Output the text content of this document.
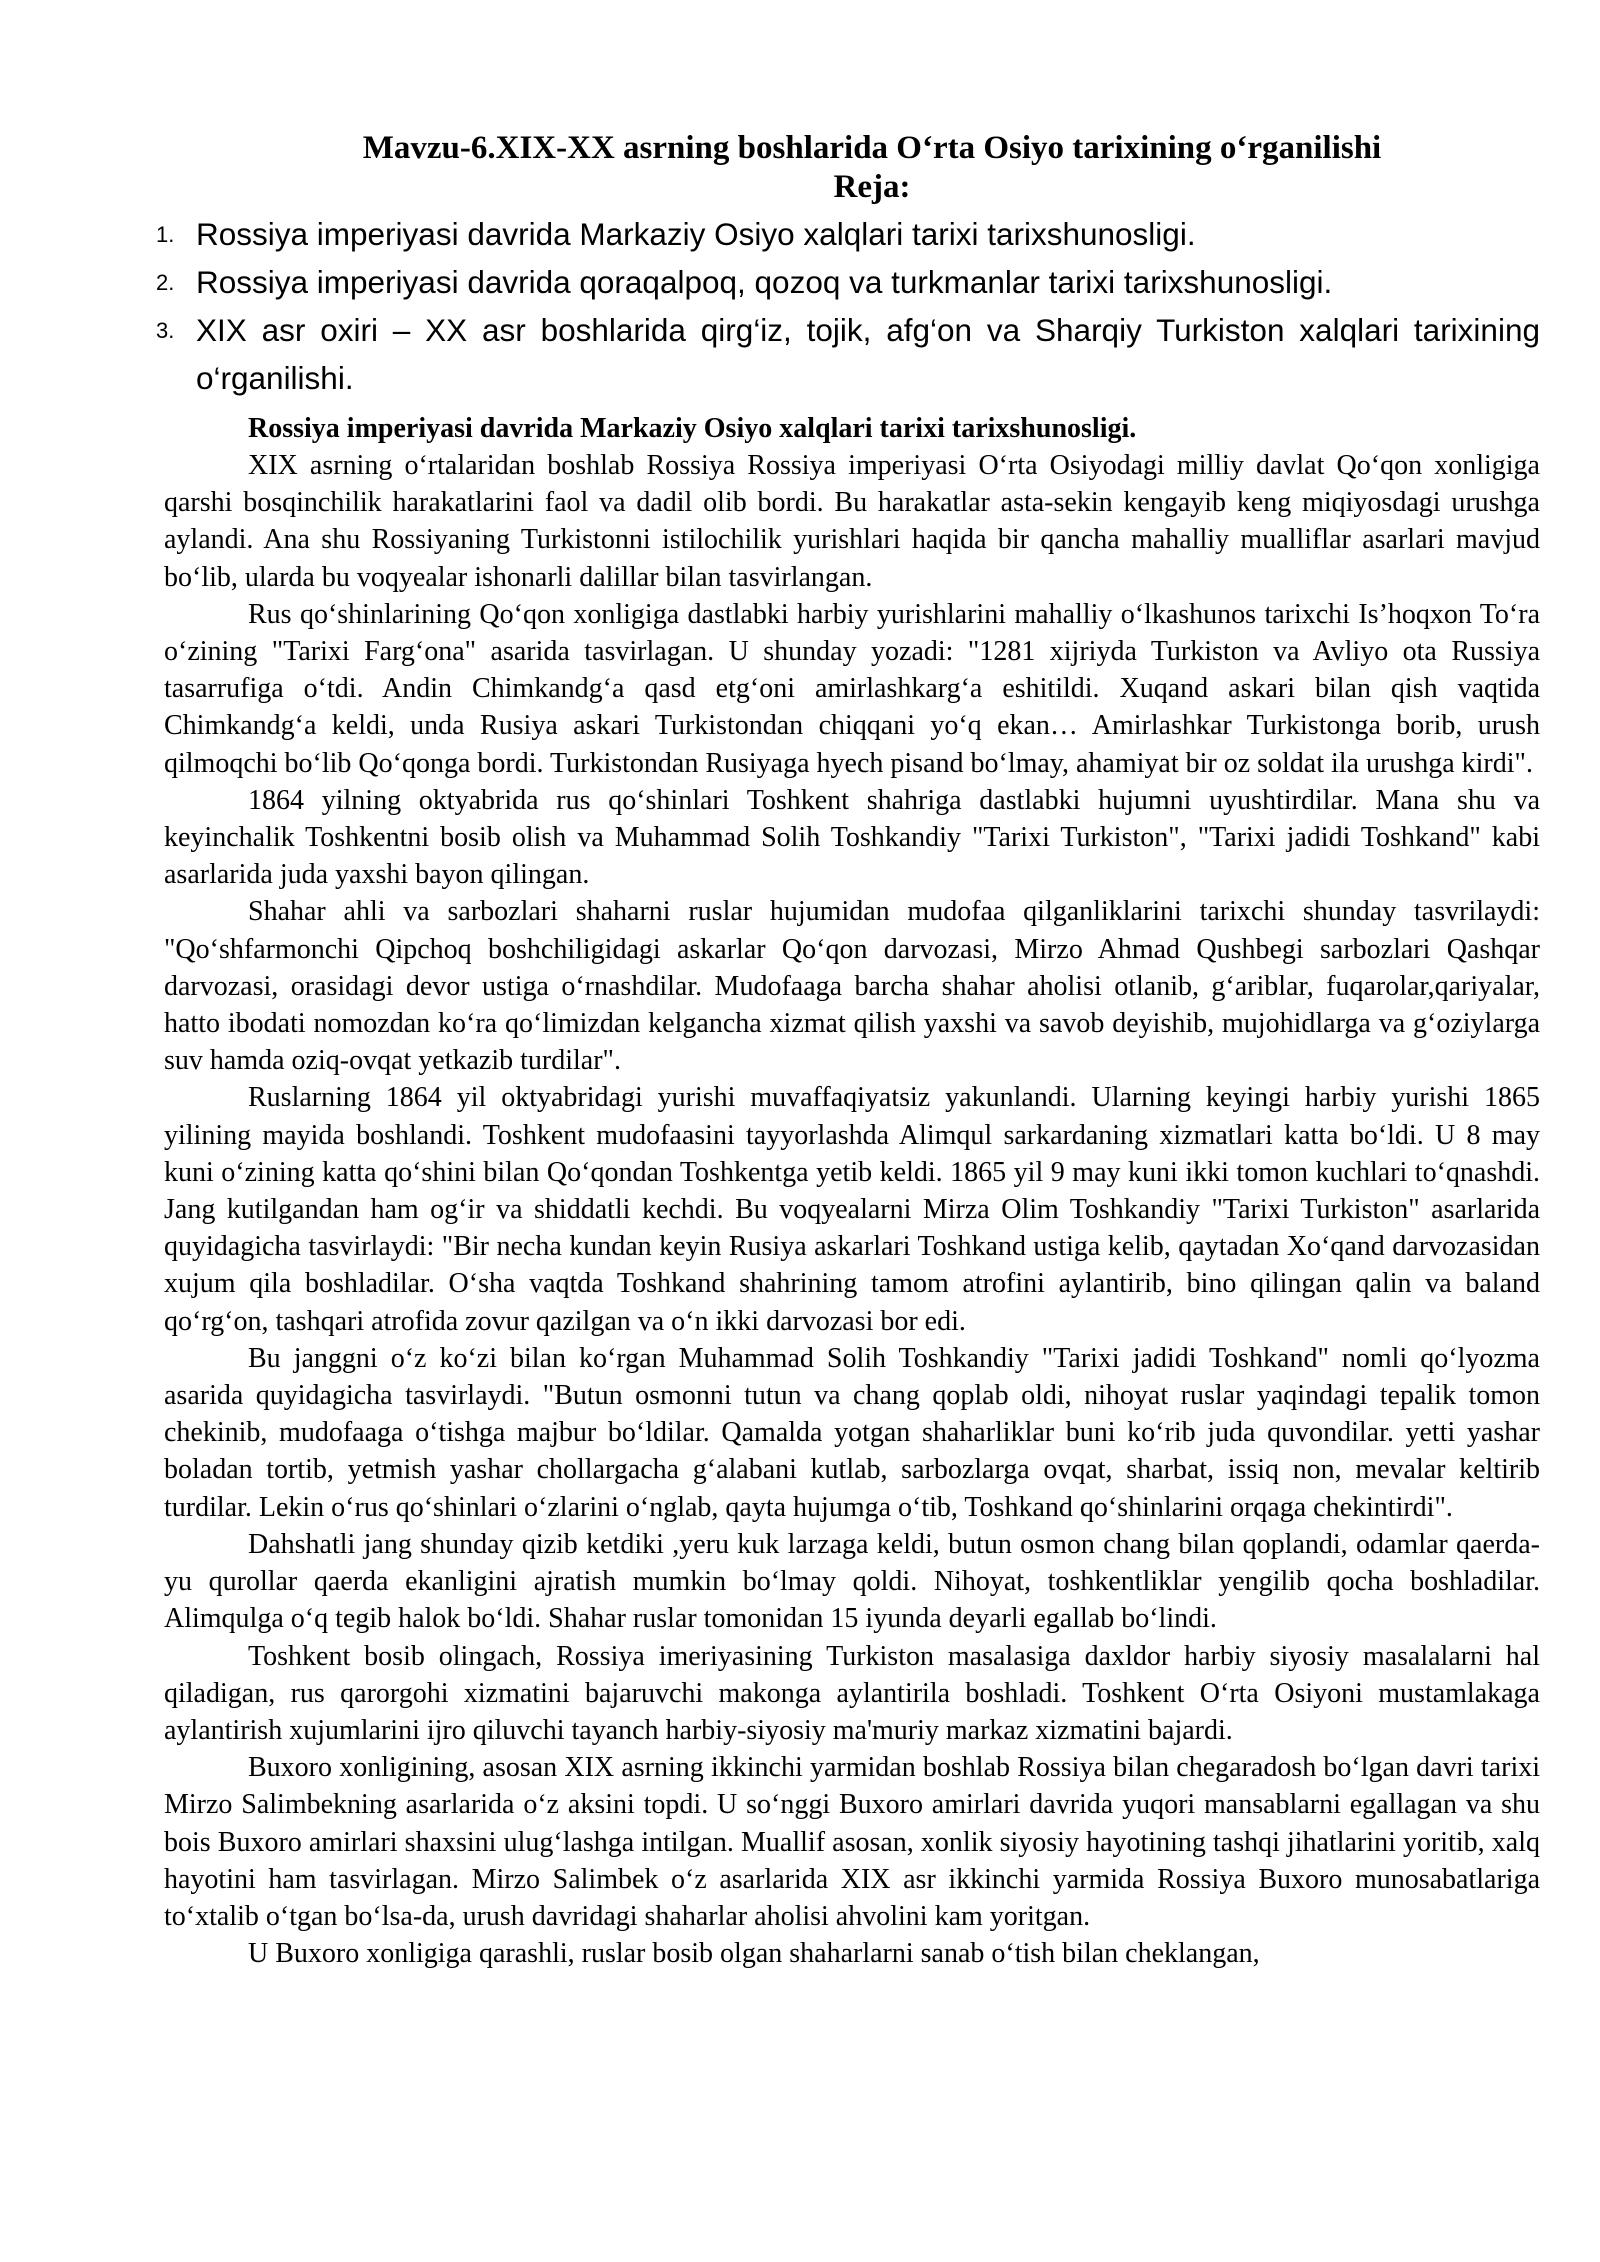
Mavzu-6.XIX-XX asrning boshlarida O‘rta Osiyo tarixining o‘rganilishi
Reja:
1. Rossiya imperiyasi davrida Markaziy Osiyo xalqlari tarixi tarixshunosligi.
2. Rossiya imperiyasi davrida qoraqalpoq, qozoq va turkmanlar tarixi tarixshunosligi.
3. XIX asr oxiri – XX asr boshlarida qirg‘iz, tojik, afg‘on va Sharqiy Turkiston xalqlari tarixining o‘rganilishi.
Rossiya imperiyasi davrida Markaziy Osiyo xalqlari tarixi tarixshunosligi.

XIX asrning o‘rtalaridan boshlab Rossiya Rossiya imperiyasi O‘rta Osiyodagi milliy davlat Qo‘qon xonligiga qarshi bosqinchilik harakatlarini faol va dadil olib bordi. Bu harakatlar asta-sekin kengayib keng miqiyosdagi urushga aylandi. Ana shu Rossiyaning Turkistonni istilochilik yurishlari haqida bir qancha mahalliy mualliflar asarlari mavjud bo‘lib, ularda bu voqyealar ishonarli dalillar bilan tasvirlangan.

Rus qo‘shinlarining Qo‘qon xonligiga dastlabki harbiy yurishlarini mahalliy o‘lkashunos tarixchi Is’hoqxon To‘ra o‘zining "Tarixi Farg‘ona" asarida tasvirlagan. U shunday yozadi: "1281 xijriyda Turkiston va Avliyo ota Russiya tasarrufiga o‘tdi. Andin Chimkandg‘a qasd etg‘oni amirlashkarg‘a eshitildi. Xuqand askari bilan qish vaqtida Chimkandg‘a keldi, unda Rusiya askari Turkistondan chiqqani yo‘q ekan… Amirlashkar Turkistonga borib, urush qilmoqchi bo‘lib Qo‘qonga bordi. Turkistondan Rusiyaga hyech pisand bo‘lmay, ahamiyat bir oz soldat ila urushga kirdi".

1864 yilning oktyabrida rus qo‘shinlari Toshkent shahriga dastlabki hujumni uyushtirdilar. Mana shu va keyinchalik Toshkentni bosib olish va Muhammad Solih Toshkandiy "Tarixi Turkiston", "Tarixi jadidi Toshkand" kabi asarlarida juda yaxshi bayon qilingan.

Shahar ahli va sarbozlari shaharni ruslar hujumidan mudofaa qilganliklarini tarixchi shunday tasvrilaydi: "Qo‘shfarmonchi Qipchoq boshchiligidagi askarlar Qo‘qon darvozasi, Mirzo Ahmad Qushbegi sarbozlari Qashqar darvozasi, orasidagi devor ustiga o‘rnashdilar. Mudofaaga barcha shahar aholisi otlanib, g‘ariblar, fuqarolar,qariyalar, hatto ibodati nomozdan ko‘ra qo‘limizdan kelgancha xizmat qilish yaxshi va savob deyishib, mujohidlarga va g‘oziylarga suv hamda oziq-ovqat yetkazib turdilar".

Ruslarning 1864 yil oktyabridagi yurishi muvaffaqiyatsiz yakunlandi. Ularning keyingi harbiy yurishi 1865 yilining mayida boshlandi. Toshkent mudofaasini tayyorlashda Alimqul sarkardaning xizmatlari katta bo‘ldi. U 8 may kuni o‘zining katta qo‘shini bilan Qo‘qondan Toshkentga yetib keldi. 1865 yil 9 may kuni ikki tomon kuchlari to‘qnashdi. Jang kutilgandan ham og‘ir va shiddatli kechdi. Bu voqyealarni Mirza Olim Toshkandiy "Tarixi Turkiston" asarlarida quyidagicha tasvirlaydi: "Bir necha kundan keyin Rusiya askarlari Toshkand ustiga kelib, qaytadan Xo‘qand darvozasidan xujum qila boshladilar. O‘sha vaqtda Toshkand shahrining tamom atrofini aylantirib, bino qilingan qalin va baland qo‘rg‘on, tashqari atrofida zovur qazilgan va o‘n ikki darvozasi bor edi.

Bu janggni o‘z ko‘zi bilan ko‘rgan Muhammad Solih Toshkandiy "Tarixi jadidi Toshkand" nomli qo‘lyozma asarida quyidagicha tasvirlaydi. "Butun osmonni tutun va chang qoplab oldi, nihoyat ruslar yaqindagi tepalik tomon chekinib, mudofaaga o‘tishga majbur bo‘ldilar. Qamalda yotgan shaharliklar buni ko‘rib juda quvondilar. yetti yashar boladan tortib, yetmish yashar chollargacha g‘alabani kutlab, sarbozlarga ovqat, sharbat, issiq non, mevalar keltirib turdilar. Lekin o‘rus qo‘shinlari o‘zlarini o‘nglab, qayta hujumga o‘tib, Toshkand qo‘shinlarini orqaga chekintirdi".

Dahshatli jang shunday qizib ketdiki ,yeru kuk larzaga keldi, butun osmon chang bilan qoplandi, odamlar qaerda-yu qurollar qaerda ekanligini ajratish mumkin bo‘lmay qoldi. Nihoyat, toshkentliklar yengilib qocha boshladilar. Alimqulga o‘q tegib halok bo‘ldi. Shahar ruslar tomonidan 15 iyunda deyarli egallab bo‘lindi.

Toshkent bosib olingach, Rossiya imeriyasining Turkiston masalasiga daxldor harbiy siyosiy masalalarni hal qiladigan, rus qarorgohi xizmatini bajaruvchi makonga aylantirila boshladi. Toshkent O‘rta Osiyoni mustamlakaga aylantirish xujumlarini ijro qiluvchi tayanch harbiy-siyosiy ma'muriy markaz xizmatini bajardi.

Buxoro xonligining, asosan XIX asrning ikkinchi yarmidan boshlab Rossiya bilan chegaradosh bo‘lgan davri tarixi Mirzo Salimbekning asarlarida o‘z aksini topdi. U so‘nggi Buxoro amirlari davrida yuqori mansablarni egallagan va shu bois Buxoro amirlari shaxsini ulug‘lashga intilgan. Muallif asosan, xonlik siyosiy hayotining tashqi jihatlarini yoritib, xalq hayotini ham tasvirlagan. Mirzo Salimbek o‘z asarlarida XIX asr ikkinchi yarmida Rossiya Buxoro munosabatlariga to‘xtalib o‘tgan bo‘lsa-da, urush davridagi shaharlar aholisi ahvolini kam yoritgan.

U Buxoro xonligiga qarashli, ruslar bosib olgan shaharlarni sanab o‘tish bilan cheklangan,
